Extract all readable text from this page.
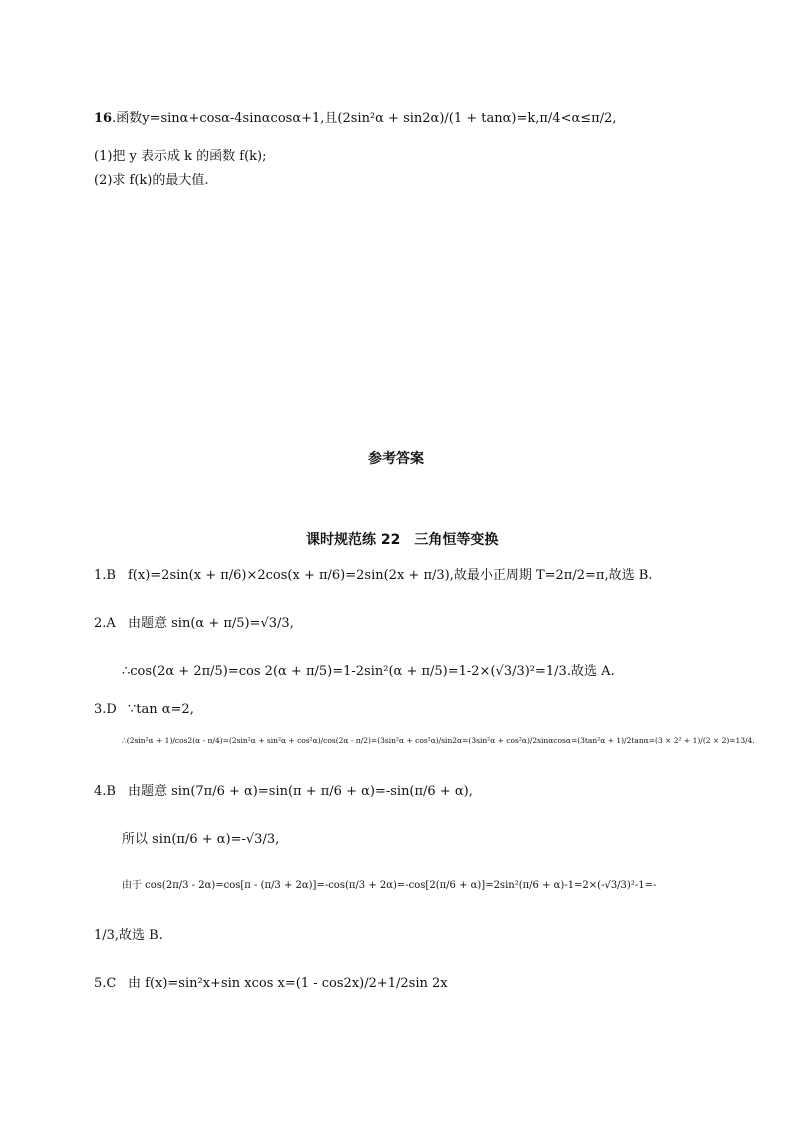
16.函数y=sinα+cosα-4sinαcosα+1,且(2sin²α + sin2α)/(1 + tanα)=k,π/4<α≤π/2,
(1)把 y 表示成 k 的函数 f(k);
(2)求 f(k)的最大值.
参考答案
课时规范练 22　三角恒等变换
1.B f(x)=2sin(x + π/6)×2cos(x + π/6)=2sin(2x + π/3),故最小正周期 T=2π/2=π,故选 B.
2.A 由题意 sin(α + π/5)=√3/3,
∴cos(2α + 2π/5)=cos 2(α + π/5)=1-2sin²(α + π/5)=1-2×(√3/3)²=1/3.故选 A.
3.D ∵tan α=2,
∴(2sin²α + 1)/cos2(α - π/4)=(2sin²α + sin²α + cos²α)/cos(2α - π/2)=(3sin²α + cos²α)/sin2α=(3sin²α + cos²α)/2sinαcosα=(3tan²α + 1)/2tanα=(3 × 2² + 1)/(2 × 2)=13/4.
4.B 由题意 sin(7π/6 + α)=sin(π + π/6 + α)=-sin(π/6 + α),
所以 sin(π/6 + α)=-√3/3,
由于 cos(2π/3 - 2α)=cos[π - (π/3 + 2α)]=-cos(π/3 + 2α)=-cos[2(π/6 + α)]=2sin²(π/6 + α)-1=2×(-√3/3)²-1=-
1/3,故选 B.
5.C 由 f(x)=sin²x+sin xcos x=(1 - cos2x)/2+1/2sin 2x
